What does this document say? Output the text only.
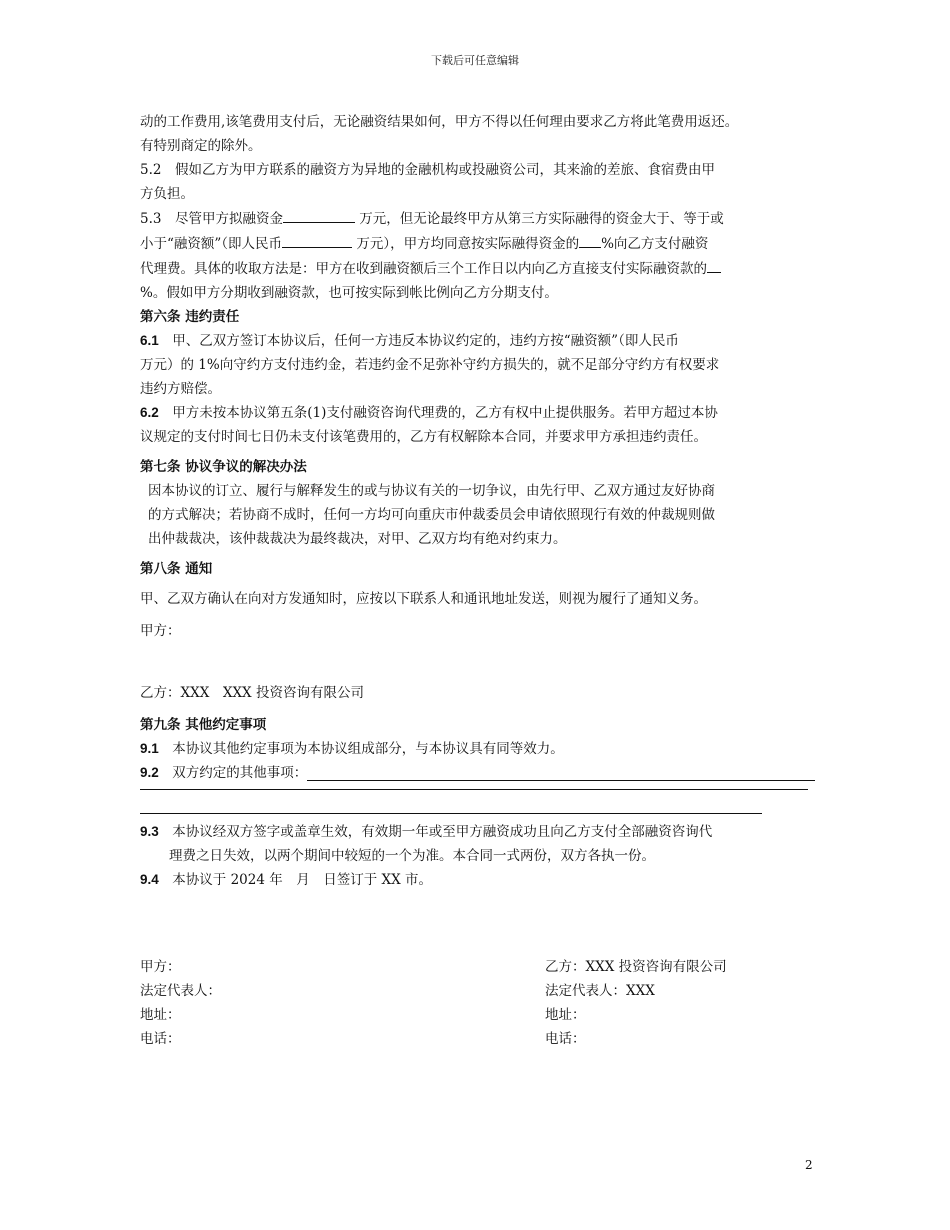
下载后可任意编辑

动的工作费用,该笔费用支付后，无论融资结果如何，甲方不得以任何理由要求乙方将此笔费用返还。

有特别商定的除外。

5.2　假如乙方为甲方联系的融资方为异地的金融机构或投融资公司，其来渝的差旅、食宿费由甲

方负担。

5.3　尽管甲方拟融资金	万元，但无论最终甲方从第三方实际融得的资金大于、等于或

小于“融资额”（即人民币	万元），甲方均同意按实际融得资金的 %向乙方支付融资

代理费。具体的收取方法是：甲方在收到融资额后三个工作日以内向乙方直接支付实际融资款的

%。假如甲方分期收到融资款，也可按实际到帐比例向乙方分期支付。

第六条 违约责任

6.1　甲、乙双方签订本协议后，任何一方违反本协议约定的，违约方按“融资额”（即人民币

万元）的 1%向守约方支付违约金，若违约金不足弥补守约方损失的，就不足部分守约方有权要求

违约方赔偿。

6.2　甲方未按本协议第五条(1)支付融资咨询代理费的，乙方有权中止提供服务。若甲方超过本协

议规定的支付时间七日仍未支付该笔费用的，乙方有权解除本合同，并要求甲方承担违约责任。

第七条 协议争议的解决办法

因本协议的订立、履行与解释发生的或与协议有关的一切争议，由先行甲、乙双方通过友好协商

的方式解决；若协商不成时，任何一方均可向重庆市仲裁委员会申请依照现行有效的仲裁规则做

出仲裁裁决，该仲裁裁决为最终裁决，对甲、乙双方均有绝对约束力。

第八条 通知

甲、乙双方确认在向对方发通知时，应按以下联系人和通讯地址发送，则视为履行了通知义务。

甲方：

乙方：XXX　XXX 投资咨询有限公司

第九条 其他约定事项

9.1　本协议其他约定事项为本协议组成部分，与本协议具有同等效力。

9.2 　双方约定的其他事项：

9.3　本协议经双方签字或盖章生效，有效期一年或至甲方融资成功且向乙方支付全部融资咨询代

理费之日失效，以两个期间中较短的一个为准。本合同一式两份，双方各执一份。

9.4　本协议于 2024 年　月　日签订于 XX 市。

甲方：	乙方：XXX 投资咨询有限公司
法定代表人：	法定代表人：XXX
地址：	地址：
电话：	电话：
2
